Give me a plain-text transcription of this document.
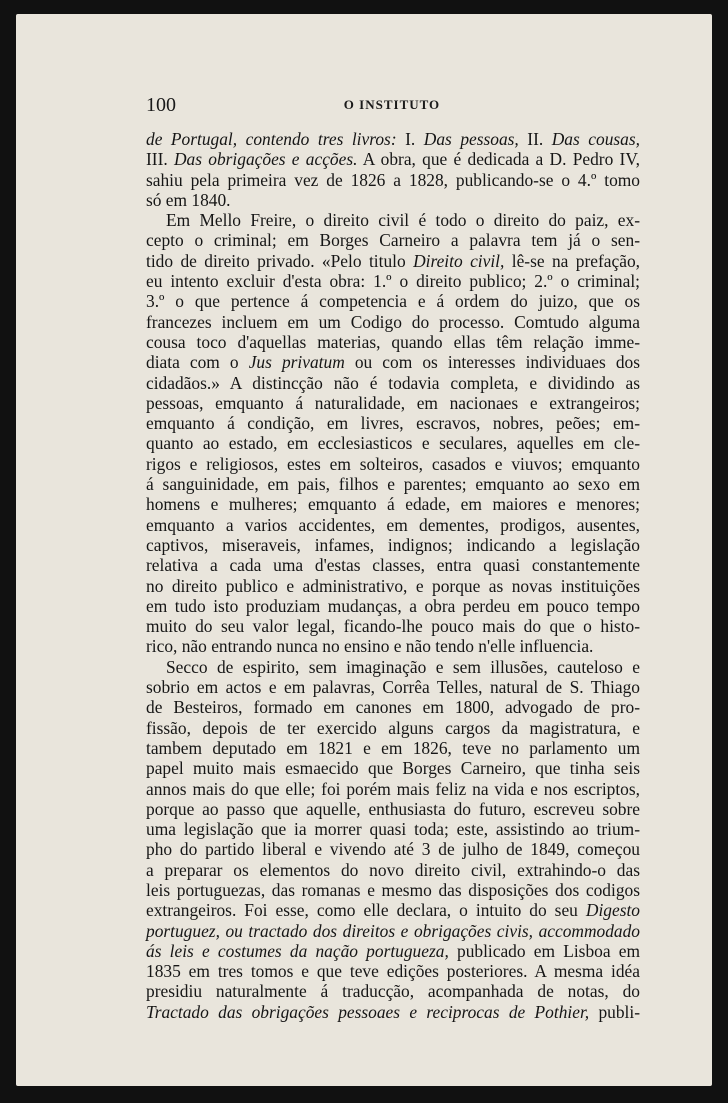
100	O INSTITUTO
de Portugal, contendo tres livros: I. Das pessoas, II. Das cousas,
III. Das obrigações e acções. A obra, que é dedicada a D. Pedro IV,
sahiu pela primeira vez de 1826 a 1828, publicando-se o 4.º tomo
só em 1840.
Em Mello Freire, o direito civil é todo o direito do paiz, ex-
cepto o criminal; em Borges Carneiro a palavra tem já o sen-
tido de direito privado. «Pelo titulo Direito civil, lê-se na prefação,
eu intento excluir d'esta obra: 1.º o direito publico; 2.º o criminal;
3.º o que pertence á competencia e á ordem do juizo, que os
francezes incluem em um Codigo do processo. Comtudo alguma
cousa toco d'aquellas materias, quando ellas têm relação imme-
diata com o Jus privatum ou com os interesses individuaes dos
cidadãos.» A distincção não é todavia completa, e dividindo as
pessoas, emquanto á naturalidade, em nacionaes e extrangeiros;
emquanto á condição, em livres, escravos, nobres, peões; em-
quanto ao estado, em ecclesiasticos e seculares, aquelles em cle-
rigos e religiosos, estes em solteiros, casados e viuvos; emquanto
á sanguinidade, em pais, filhos e parentes; emquanto ao sexo em
homens e mulheres; emquanto á edade, em maiores e menores;
emquanto a varios accidentes, em dementes, prodigos, ausentes,
captivos, miseraveis, infames, indignos; indicando a legislação
relativa a cada uma d'estas classes, entra quasi constantemente
no direito publico e administrativo, e porque as novas instituições
em tudo isto produziam mudanças, a obra perdeu em pouco tempo
muito do seu valor legal, ficando-lhe pouco mais do que o histo-
rico, não entrando nunca no ensino e não tendo n'elle influencia.
Secco de espirito, sem imaginação e sem illusões, cauteloso e
sobrio em actos e em palavras, Corrêa Telles, natural de S. Thiago
de Besteiros, formado em canones em 1800, advogado de pro-
fissão, depois de ter exercido alguns cargos da magistratura, e
tambem deputado em 1821 e em 1826, teve no parlamento um
papel muito mais esmaecido que Borges Carneiro, que tinha seis
annos mais do que elle; foi porém mais feliz na vida e nos escriptos,
porque ao passo que aquelle, enthusiasta do futuro, escreveu sobre
uma legislação que ia morrer quasi toda; este, assistindo ao trium-
pho do partido liberal e vivendo até 3 de julho de 1849, começou
a preparar os elementos do novo direito civil, extrahindo-o das
leis portuguezas, das romanas e mesmo das disposições dos codigos
extrangeiros. Foi esse, como elle declara, o intuito do seu Digesto
portuguez, ou tractado dos direitos e obrigações civis, accommodado
ás leis e costumes da nação portugueza, publicado em Lisboa em
1835 em tres tomos e que teve edições posteriores. A mesma idéa
presidiu naturalmente á traducção, acompanhada de notas, do
Tractado das obrigações pessoaes e reciprocas de Pothier, publi-
